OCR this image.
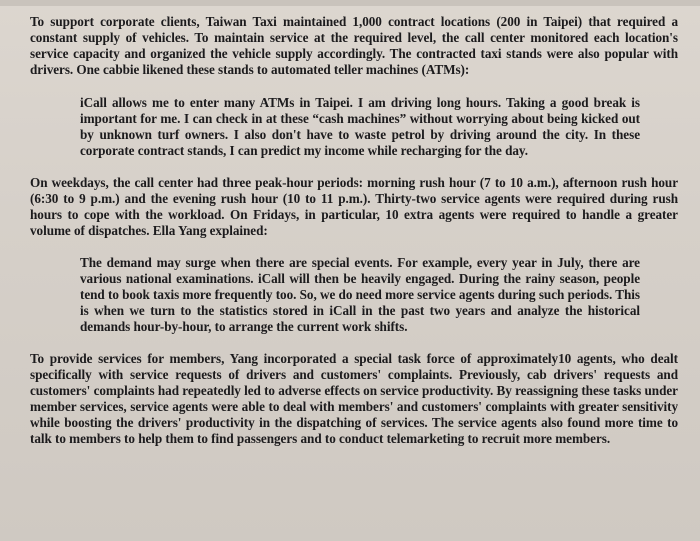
To support corporate clients, Taiwan Taxi maintained 1,000 contract locations (200 in Taipei) that required a constant supply of vehicles. To maintain service at the required level, the call center monitored each location's service capacity and organized the vehicle supply accordingly. The contracted taxi stands were also popular with drivers. One cabbie likened these stands to automated teller machines (ATMs):

iCall allows me to enter many ATMs in Taipei. I am driving long hours. Taking a good break is important for me. I can check in at these “cash machines” without worrying about being kicked out by unknown turf owners. I also don't have to waste petrol by driving around the city. In these corporate contract stands, I can predict my income while recharging for the day.

On weekdays, the call center had three peak-hour periods: morning rush hour (7 to 10 a.m.), afternoon rush hour (6:30 to 9 p.m.) and the evening rush hour (10 to 11 p.m.). Thirty-two service agents were required during rush hours to cope with the workload. On Fridays, in particular, 10 extra agents were required to handle a greater volume of dispatches. Ella Yang explained:

The demand may surge when there are special events. For example, every year in July, there are various national examinations. iCall will then be heavily engaged. During the rainy season, people tend to book taxis more frequently too. So, we do need more service agents during such periods. This is when we turn to the statistics stored in iCall in the past two years and analyze the historical demands hour-by-hour, to arrange the current work shifts.

To provide services for members, Yang incorporated a special task force of approximately10 agents, who dealt specifically with service requests of drivers and customers' complaints. Previously, cab drivers' requests and customers' complaints had repeatedly led to adverse effects on service productivity. By reassigning these tasks under member services, service agents were able to deal with members' and customers' complaints with greater sensitivity while boosting the drivers' productivity in the dispatching of services. The service agents also found more time to talk to members to help them to find passengers and to conduct telemarketing to recruit more members.
